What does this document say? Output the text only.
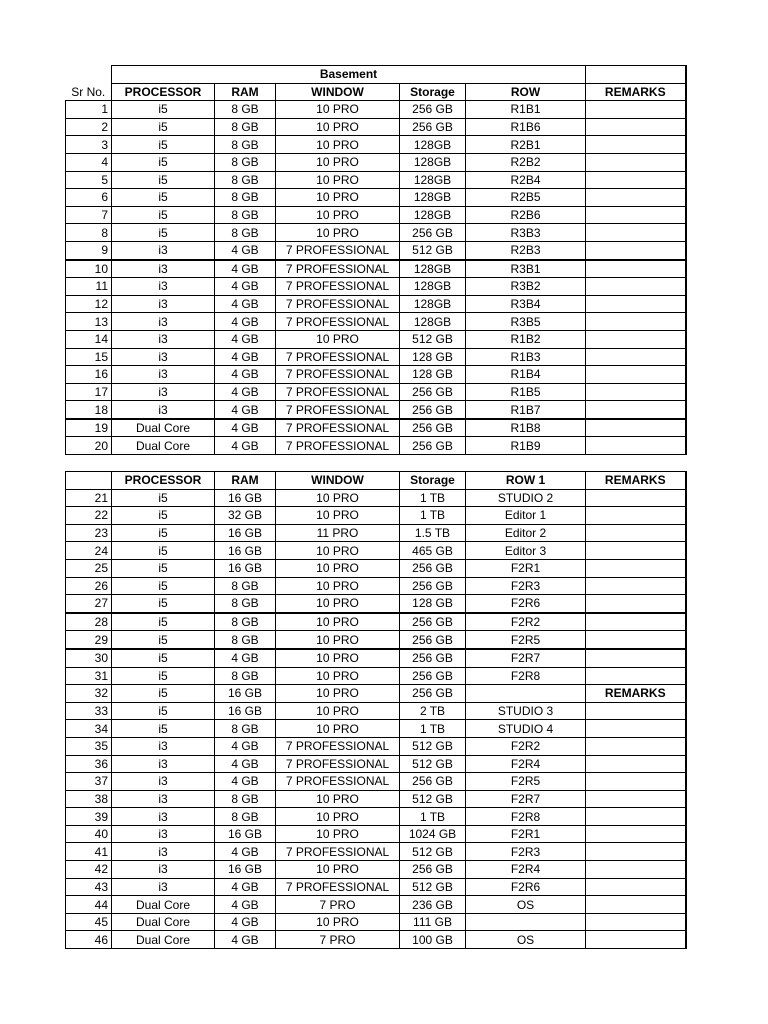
	Basement					
Sr No.	PROCESSOR	RAM	WINDOW	Storage	ROW	REMARKS
1	i5	8 GB	10 PRO	256 GB	R1B1	
2	i5	8 GB	10 PRO	256 GB	R1B6	
3	i5	8 GB	10 PRO	128GB	R2B1	
4	i5	8 GB	10 PRO	128GB	R2B2	
5	i5	8 GB	10 PRO	128GB	R2B4	
6	i5	8 GB	10 PRO	128GB	R2B5	
7	i5	8 GB	10 PRO	128GB	R2B6	
8	i5	8 GB	10 PRO	256 GB	R3B3	
9	i3	4 GB	7 PROFESSIONAL	512 GB	R2B3	
10	i3	4 GB	7 PROFESSIONAL	128GB	R3B1	
11	i3	4 GB	7 PROFESSIONAL	128GB	R3B2	
12	i3	4 GB	7 PROFESSIONAL	128GB	R3B4	
13	i3	4 GB	7 PROFESSIONAL	128GB	R3B5	
14	i3	4 GB	10 PRO	512 GB	R1B2	
15	i3	4 GB	7 PROFESSIONAL	128 GB	R1B3	
16	i3	4 GB	7 PROFESSIONAL	128 GB	R1B4	
17	i3	4 GB	7 PROFESSIONAL	256 GB	R1B5	
18	i3	4 GB	7 PROFESSIONAL	256 GB	R1B7	
19	Dual Core	4 GB	7 PROFESSIONAL	256 GB	R1B8	
20	Dual Core	4 GB	7 PROFESSIONAL	256 GB	R1B9	
	PROCESSOR	RAM	WINDOW	Storage	ROW 1	REMARKS
21	i5	16 GB	10 PRO	1 TB	STUDIO 2	
22	i5	32 GB	10 PRO	1 TB	Editor 1	
23	i5	16 GB	11 PRO	1.5 TB	Editor 2	
24	i5	16 GB	10 PRO	465 GB	Editor 3	
25	i5	16 GB	10 PRO	256 GB	F2R1	
26	i5	8 GB	10 PRO	256 GB	F2R3	
27	i5	8 GB	10 PRO	128 GB	F2R6	
28	i5	8 GB	10 PRO	256 GB	F2R2	
29	i5	8 GB	10 PRO	256 GB	F2R5	
30	i5	4 GB	10 PRO	256 GB	F2R7	
31	i5	8 GB	10 PRO	256 GB	F2R8	
32	i5	16 GB	10 PRO	256 GB		REMARKS
33	i5	16 GB	10 PRO	2 TB	STUDIO 3	
34	i5	8 GB	10 PRO	1 TB	STUDIO 4	
35	i3	4 GB	7 PROFESSIONAL	512 GB	F2R2	
36	i3	4 GB	7 PROFESSIONAL	512 GB	F2R4	
37	i3	4 GB	7 PROFESSIONAL	256 GB	F2R5	
38	i3	8 GB	10 PRO	512 GB	F2R7	
39	i3	8 GB	10 PRO	1 TB	F2R8	
40	i3	16 GB	10 PRO	1024 GB	F2R1	
41	i3	4 GB	7 PROFESSIONAL	512 GB	F2R3	
42	i3	16 GB	10 PRO	256 GB	F2R4	
43	i3	4 GB	7 PROFESSIONAL	512 GB	F2R6	
44	Dual Core	4 GB	7 PRO	236 GB	OS	
45	Dual Core	4 GB	10 PRO	111 GB		
46	Dual Core	4 GB	7 PRO	100 GB	OS	
